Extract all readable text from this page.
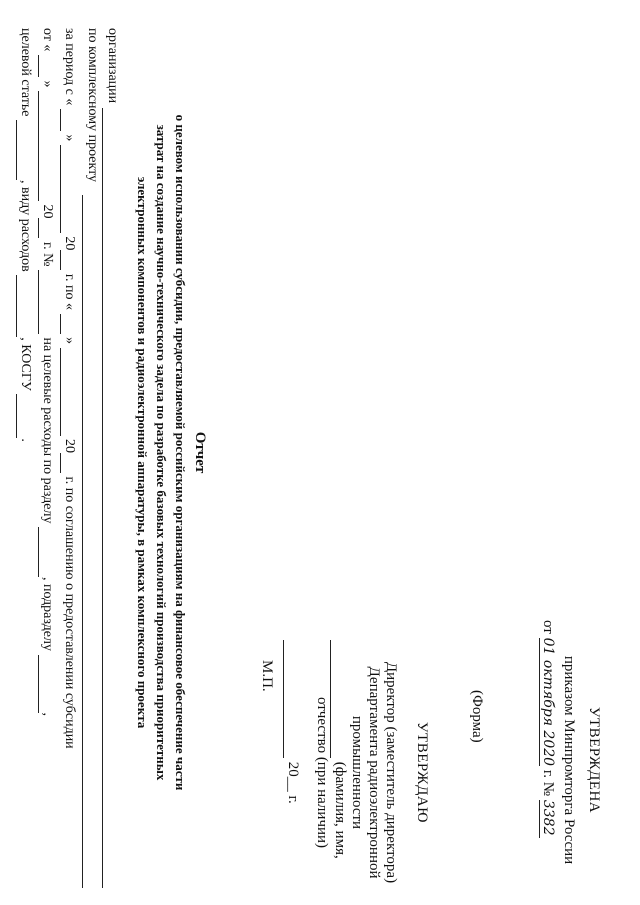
УТВЕРЖДЕНА
приказом Минпромторга России
от 01 октября 2020 г. № 3382
(Форма)
УТВЕРЖДАЮ
Директор (заместитель директора)
Департамента радиоэлектронной
промышленности
(фамилия, имя,
отчество (при наличии)
20__ г.
М.П.
Отчет
о целевом использовании субсидии, предоставляемой российским организациям на финансовое обеспечение части
затрат на создание научно-технического задела по разработке базовых технологий производства приоритетных
электронных компонентов и радиоэлектронной аппаратуры, в рамках комплексного проекта
организации
по комплексному проекту
за период с «   »   20  г. по «   »   20  г. по соглашению о предоставлении субсидии
от «   »   20  г. №   на целевые расходы по разделу  , подразделу  ,
целевой статье  , виду расходов  , КОСГУ  .
